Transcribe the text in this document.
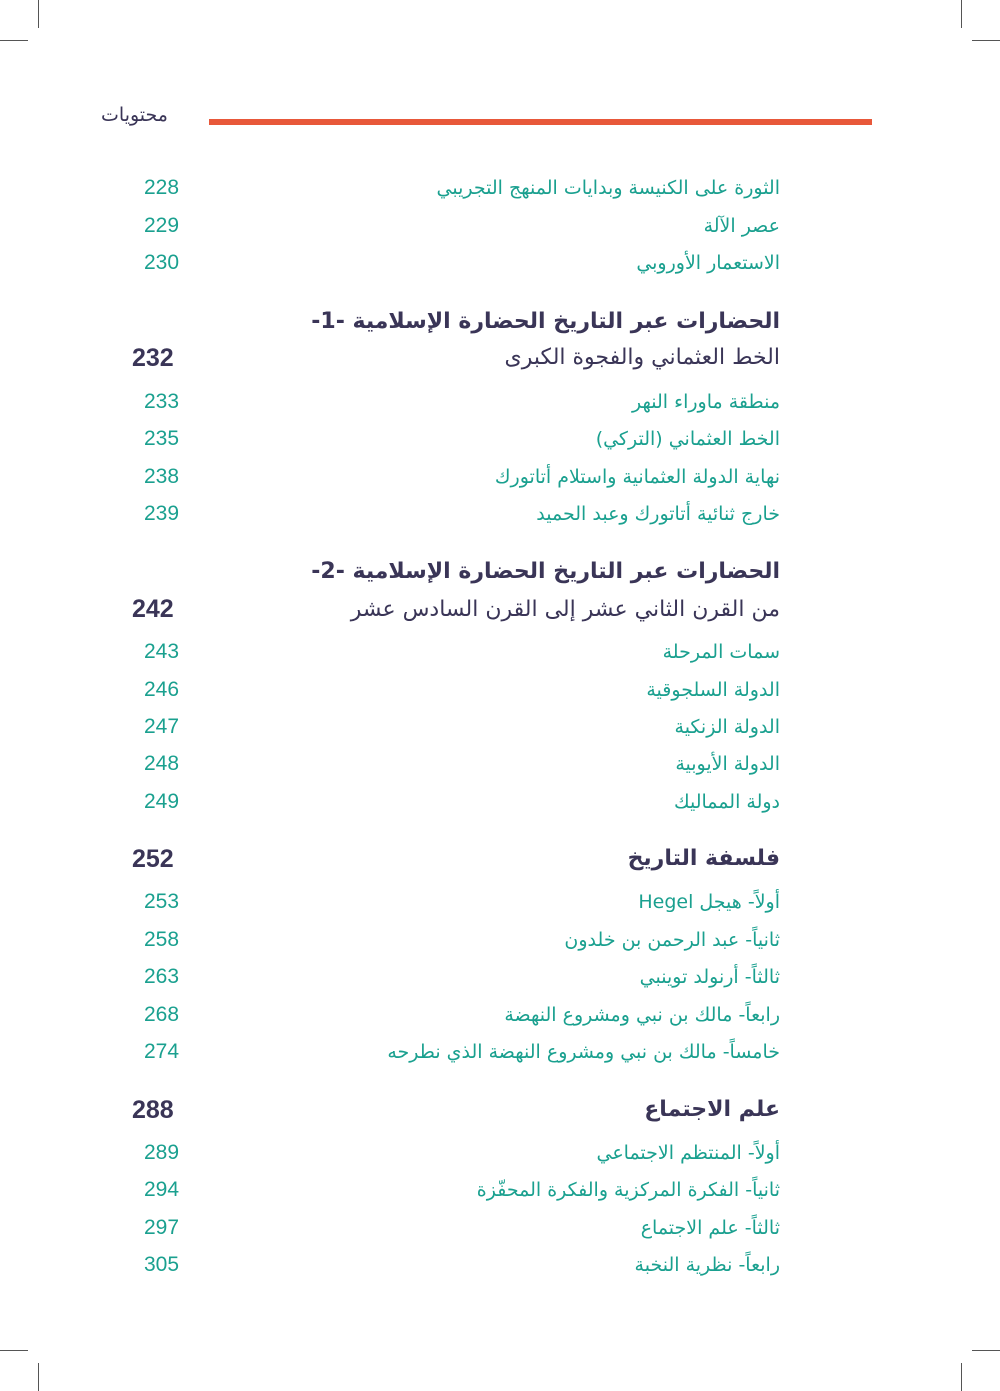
محتويات
الثورة على الكنيسة وبدايات المنهج التجريبي
228
عصر الآلة
229
الاستعمار الأوروبي
230
الحضارات عبر التاريخ الحضارة الإسلامية -1-
الخط العثماني والفجوة الكبرى
232
منطقة ماوراء النهر
233
الخط العثماني (التركي)
235
نهاية الدولة العثمانية واستلام أتاتورك
238
خارج ثنائية أتاتورك وعبد الحميد
239
الحضارات عبر التاريخ الحضارة الإسلامية -2-
من القرن الثاني عشر إلى القرن السادس عشر
242
سمات المرحلة
243
الدولة السلجوقية
246
الدولة الزنكية
247
الدولة الأيوبية
248
دولة المماليك
249
فلسفة التاريخ
252
أولاً- هيجل Hegel
253
ثانياً- عبد الرحمن بن خلدون
258
ثالثاً- أرنولد توينبي
263
رابعاً- مالك بن نبي ومشروع النهضة
268
خامساً- مالك بن نبي ومشروع النهضة الذي نطرحه
274
علم الاجتماع
288
أولاً- المنتظم الاجتماعي
289
ثانياً- الفكرة المركزية والفكرة المحفّزة
294
ثالثاً- علم الاجتماع
297
رابعاً- نظرية النخبة
305
